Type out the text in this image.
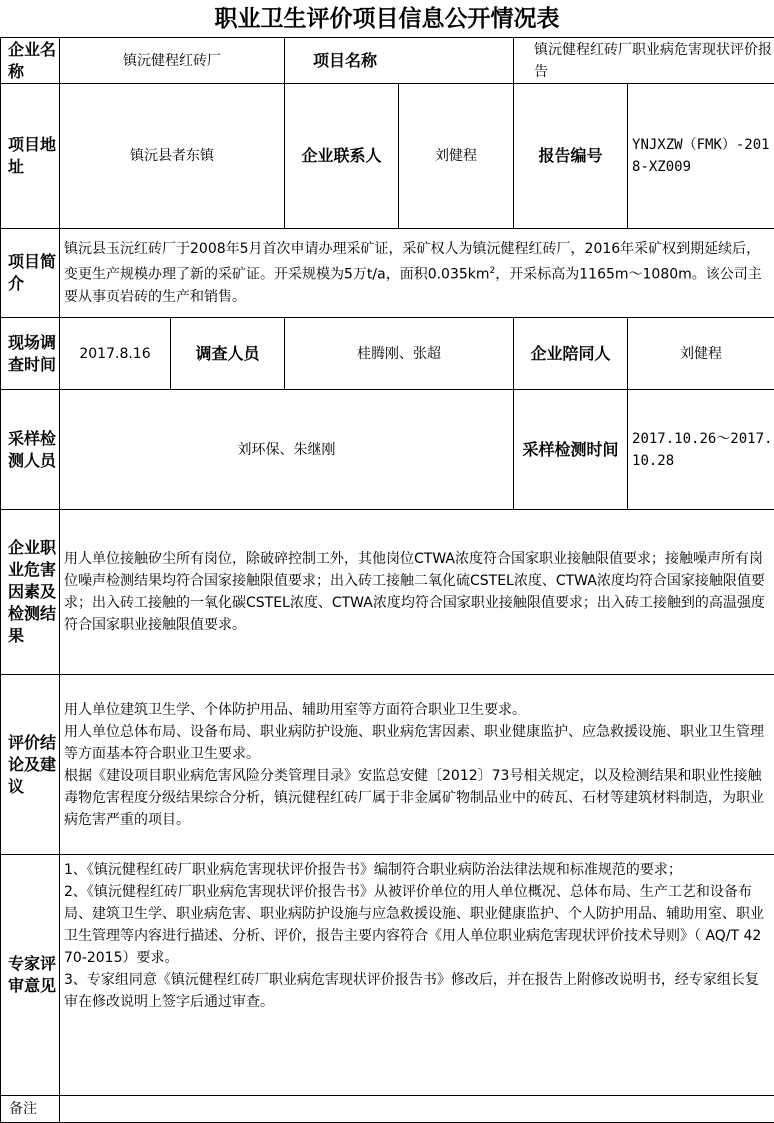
职业卫生评价项目信息公开情况表
企业名称	镇沅健程红砖厂		项目名称		镇沅健程红砖厂职业病危害现状评价报告	
项目地址	镇沅县者东镇		企业联系人	刘健程	报告编号	YNJXZW（FMK）-2018-XZ009
项目简介	镇沅县玉沅红砖厂于2008年5月首次申请办理采矿证，采矿权人为镇沅健程红砖厂，2016年采矿权到期延续后，变更生产规模办理了新的采矿证。开采规模为5万t/a，面积$0.035km^2$，开采标高为1165m～1080m。该公司主要从事页岩砖的生产和销售。					
现场调查时间	2017.8.16	调查人员	桂腾刚、张超		企业陪同人	刘健程
采样检测人员	刘环保、朱继刚				采样检测时间	2017.10.26～2017.10.28
企业职业危害因素及检测结果	用人单位接触矽尘所有岗位，除破碎控制工外，其他岗位CTWA浓度符合国家职业接触限值要求；接触噪声所有岗位噪声检测结果均符合国家接触限值要求；出入砖工接触二氧化硫CSTEL浓度、CTWA浓度均符合国家接触限值要求；出入砖工接触的一氧化碳CSTEL浓度、CTWA浓度均符合国家职业接触限值要求；出入砖工接触到的高温强度符合国家职业接触限值要求。					
评价结论及建议	用人单位建筑卫生学、个体防护用品、辅助用室等方面符合职业卫生要求。

用人单位总体布局、设备布局、职业病防护设施、职业病危害因素、职业健康监护、应急救援设施、职业卫生管理等方面基本符合职业卫生要求。

根据《建设项目职业病危害风险分类管理目录》安监总安健〔2012〕73号相关规定，以及检测结果和职业性接触毒物危害程度分级结果综合分析，镇沅健程红砖厂属于非金属矿物制品业中的砖瓦、石材等建筑材料制造，为职业病危害严重的项目。					

专家评审意见	1、《镇沅健程红砖厂职业病危害现状评价报告书》编制符合职业病防治法律法规和标准规范的要求；

2、《镇沅健程红砖厂职业病危害现状评价报告书》从被评价单位的用人单位概况、总体布局、生产工艺和设备布局、建筑卫生学、职业病危害、职业病防护设施与应急救援设施、职业健康监护、个人防护用品、辅助用室、职业卫生管理等内容进行描述、分析、评价，报告主要内容符合《用人单位职业病危害现状评价技术导则》（ AQ/T 4270-2015）要求。

3、专家组同意《镇沅健程红砖厂职业病危害现状评价报告书》修改后，并在报告上附修改说明书，经专家组长复审在修改说明上签字后通过审查。					

备注						
